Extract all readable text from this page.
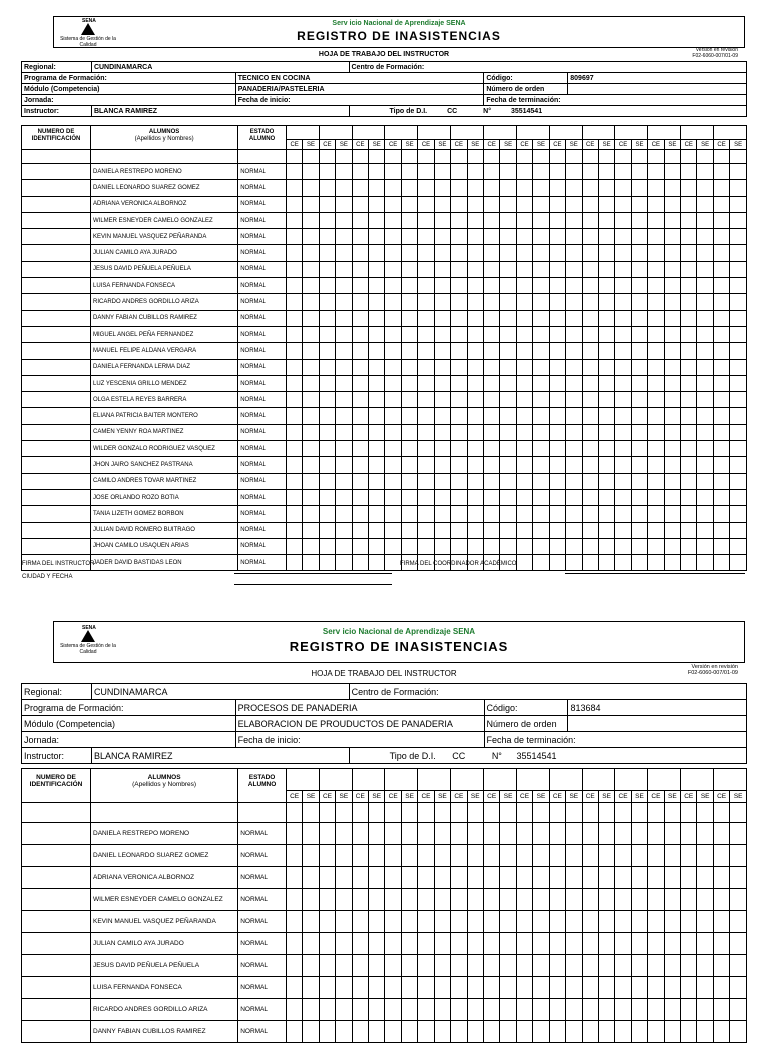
SENA
Sistema de Gestión de la Calidad
Serv icio Nacional de Aprendizaje SENA
REGISTRO DE INASISTENCIAS
HOJA DE TRABAJO DEL INSTRUCTOR
Versión en revisión
F02-6060-007/01-09
Regional:	CUNDINAMARCA		Centro de Formación:		
Programa de Formación:		TECNICO EN COCINA		Código:	809697
Módulo (Competencia)		PANADERIA/PASTELERIA		Número de orden	
Jornada:		Fecha de inicio:		Fecha de terminación:	
Instructor:	BLANCA RAMIREZ		Tipo de D.I. CC N° 35514541		
NUMERO DE IDENTIFICACIÓN	ALUMNOS
(Apellidos y Nombres)	ESTADO ALUMNO																												
			CE	SE	CE	SE	CE	SE	CE	SE	CE	SE	CE	SE	CE	SE	CE	SE	CE	SE	CE	SE	CE	SE	CE	SE	CE	SE	CE	SE

	DANIELA RESTREPO MORENO	NORMAL																												
	DANIEL LEONARDO SUAREZ GOMEZ	NORMAL																												
	ADRIANA VERONICA ALBORNOZ	NORMAL																												
	WILMER ESNEYDER CAMELO GONZALEZ	NORMAL																												
	KEVIN MANUEL VASQUEZ PEÑARANDA	NORMAL																												
	JULIAN CAMILO AYA JURADO	NORMAL																												
	JESUS DAVID PEÑUELA PEÑUELA	NORMAL																												
	LUISA FERNANDA FONSECA	NORMAL																												
	RICARDO ANDRES GORDILLO ARIZA	NORMAL																												
	DANNY FABIAN CUBILLOS RAMIREZ	NORMAL																												
	MIGUEL ANGEL PEÑA FERNANDEZ	NORMAL																												
	MANUEL FELIPE ALDANA VERGARA	NORMAL																												
	DANIELA FERNANDA LERMA DIAZ	NORMAL																												
	LUZ YESCENIA GRILLO MENDEZ	NORMAL																												
	OLGA ESTELA REYES BARRERA	NORMAL																												
	ELIANA PATRICIA BAITER MONTERO	NORMAL																												
	CAMEN YENNY ROA MARTINEZ	NORMAL																												
	WILDER GONZALO RODRIGUEZ VASQUEZ	NORMAL																												
	JHON JAIRO SANCHEZ PASTRANA	NORMAL																												
	CAMILO ANDRES TOVAR MARTINEZ	NORMAL																												
	JOSE ORLANDO ROZO BOTIA	NORMAL																												
	TANIA LIZETH GOMEZ BORBON	NORMAL																												
	JULIAN DAVID ROMERO BUITRAGO	NORMAL																												
	JHOAN CAMILO USAQUEN ARIAS	NORMAL																												
	JADER DAVID BASTIDAS LEON	NORMAL																												
FIRMA DEL INSTRUCTOR	FIRMA DEL COORDINADOR ACADÉMICO
CIUDAD Y FECHA
SENA
Sistema de Gestión de la Calidad
Serv icio Nacional de Aprendizaje SENA
REGISTRO DE INASISTENCIAS
HOJA DE TRABAJO DEL INSTRUCTOR
Versión en revisión
F02-6060-007/01-09
Regional:	CUNDINAMARCA		Centro de Formación:		
Programa de Formación:		PROCESOS DE PANADERIA		Código:	813684
Módulo (Competencia)		ELABORACION DE PROUDUCTOS DE PANADERIA		Número de orden	
Jornada:		Fecha de inicio:		Fecha de terminación:	
Instructor:	BLANCA RAMIREZ		Tipo de D.I. CC N° 35514541		
NUMERO DE IDENTIFICACIÓN	ALUMNOS
(Apellidos y Nombres)	ESTADO ALUMNO																												
			CE	SE	CE	SE	CE	SE	CE	SE	CE	SE	CE	SE	CE	SE	CE	SE	CE	SE	CE	SE	CE	SE	CE	SE	CE	SE	CE	SE

	DANIELA RESTREPO MORENO	NORMAL																												
	DANIEL LEONARDO SUAREZ GOMEZ	NORMAL																												
	ADRIANA VERONICA ALBORNOZ	NORMAL																												
	WILMER ESNEYDER CAMELO GONZALEZ	NORMAL																												
	KEVIN MANUEL VASQUEZ PEÑARANDA	NORMAL																												
	JULIAN CAMILO AYA JURADO	NORMAL																												
	JESUS DAVID PEÑUELA PEÑUELA	NORMAL																												
	LUISA FERNANDA FONSECA	NORMAL																												
	RICARDO ANDRES GORDILLO ARIZA	NORMAL																												
	DANNY FABIAN CUBILLOS RAMIREZ	NORMAL																												
